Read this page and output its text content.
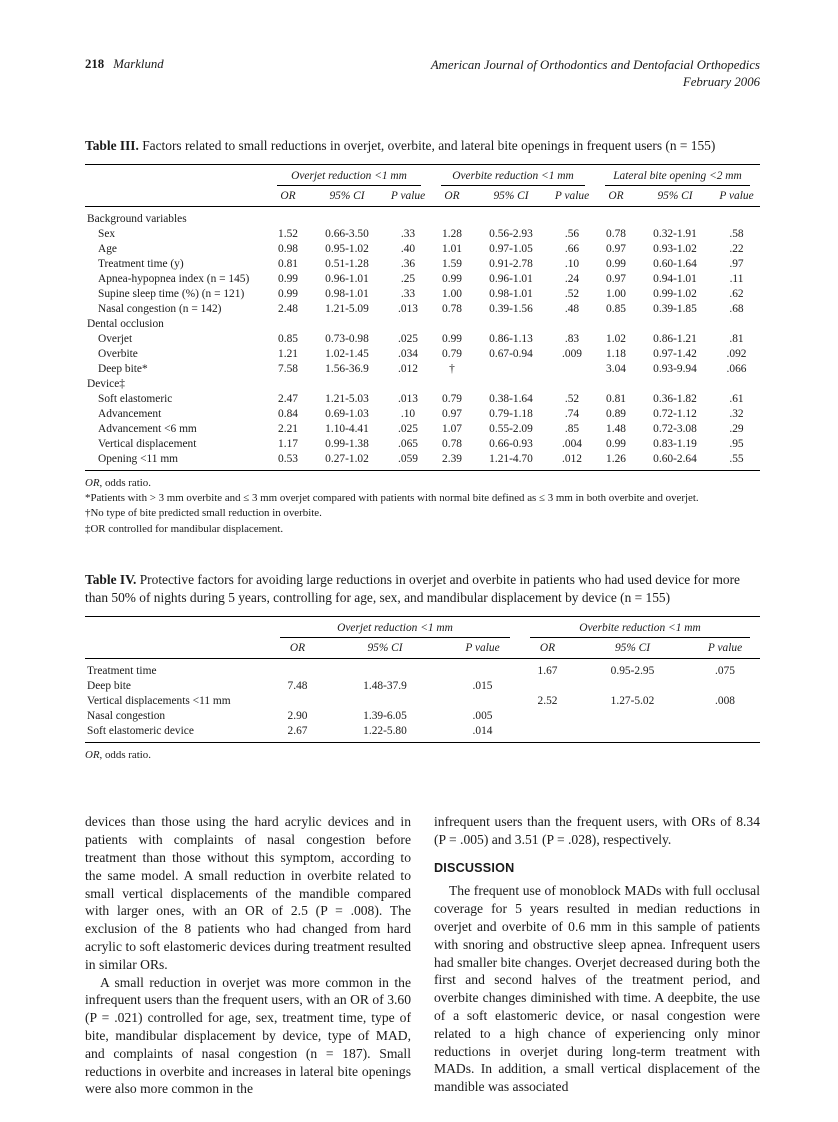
218 Marklund	American Journal of Orthodontics and Dentofacial Orthopedics
February 2006
Table III. Factors related to small reductions in overjet, overbite, and lateral bite openings in frequent users (n = 155)

	Overjet reduction <1 mm			Overbite reduction <1 mm			Lateral bite opening <2 mm		

	OR	95% CI	P value	OR	95% CI	P value	OR	95% CI	P value
Background variables									
Sex	1.52	0.66-3.50	.33	1.28	0.56-2.93	.56	0.78	0.32-1.91	.58
Age	0.98	0.95-1.02	.40	1.01	0.97-1.05	.66	0.97	0.93-1.02	.22
Treatment time (y)	0.81	0.51-1.28	.36	1.59	0.91-2.78	.10	0.99	0.60-1.64	.97
Apnea-hypopnea index (n = 145)	0.99	0.96-1.01	.25	0.99	0.96-1.01	.24	0.97	0.94-1.01	.11
Supine sleep time (%) (n = 121)	0.99	0.98-1.01	.33	1.00	0.98-1.01	.52	1.00	0.99-1.02	.62
Nasal congestion (n = 142)	2.48	1.21-5.09	.013	0.78	0.39-1.56	.48	0.85	0.39-1.85	.68
Dental occlusion									
Overjet	0.85	0.73-0.98	.025	0.99	0.86-1.13	.83	1.02	0.86-1.21	.81
Overbite	1.21	1.02-1.45	.034	0.79	0.67-0.94	.009	1.18	0.97-1.42	.092
Deep bite*	7.58	1.56-36.9	.012	†			3.04	0.93-9.94	.066
Device‡									
Soft elastomeric	2.47	1.21-5.03	.013	0.79	0.38-1.64	.52	0.81	0.36-1.82	.61
Advancement	0.84	0.69-1.03	.10	0.97	0.79-1.18	.74	0.89	0.72-1.12	.32
Advancement <6 mm	2.21	1.10-4.41	.025	1.07	0.55-2.09	.85	1.48	0.72-3.08	.29
Vertical displacement	1.17	0.99-1.38	.065	0.78	0.66-0.93	.004	0.99	0.83-1.19	.95
Opening <11 mm	0.53	0.27-1.02	.059	2.39	1.21-4.70	.012	1.26	0.60-2.64	.55
OR, odds ratio.
*Patients with > 3 mm overbite and ≤ 3 mm overjet compared with patients with normal bite defined as ≤ 3 mm in both overbite and overjet.
†No type of bite predicted small reduction in overbite.
‡OR controlled for mandibular displacement.
Table IV. Protective factors for avoiding large reductions in overjet and overbite in patients who had used device for more than 50% of nights during 5 years, controlling for age, sex, and mandibular displacement by device (n = 155)

	Overjet reduction <1 mm			Overbite reduction <1 mm		

	OR	95% CI	P value	OR	95% CI	P value
Treatment time				1.67	0.95-2.95	.075
Deep bite	7.48	1.48-37.9	.015			
Vertical displacements <11 mm				2.52	1.27-5.02	.008
Nasal congestion	2.90	1.39-6.05	.005			
Soft elastomeric device	2.67	1.22-5.80	.014			
OR, odds ratio.

devices than those using the hard acrylic devices and in patients with complaints of nasal congestion before treatment than those without this symptom, according to the same model. A small reduction in overbite related to small vertical displacements of the mandible compared with larger ones, with an OR of 2.5 (P = .008). The exclusion of the 8 patients who had changed from hard acrylic to soft elastomeric devices during treatment resulted in similar ORs.

A small reduction in overjet was more common in the infrequent users than the frequent users, with an OR of 3.60 (P = .021) controlled for age, sex, treatment time, type of bite, mandibular displacement by device, type of MAD, and complaints of nasal congestion (n = 187). Small reductions in overbite and increases in lateral bite openings were also more common in the

infrequent users than the frequent users, with ORs of 8.34 (P = .005) and 3.51 (P = .028), respectively.

DISCUSSION

The frequent use of monoblock MADs with full occlusal coverage for 5 years resulted in median reductions in overjet and overbite of 0.6 mm in this sample of patients with snoring and obstructive sleep apnea. Infrequent users had smaller bite changes. Overjet decreased during both the first and second halves of the treatment period, and overbite changes diminished with time. A deepbite, the use of a soft elastomeric device, or nasal congestion were related to a high chance of experiencing only minor reductions in overjet during long-term treatment with MADs. In addition, a small vertical displacement of the mandible was associated
